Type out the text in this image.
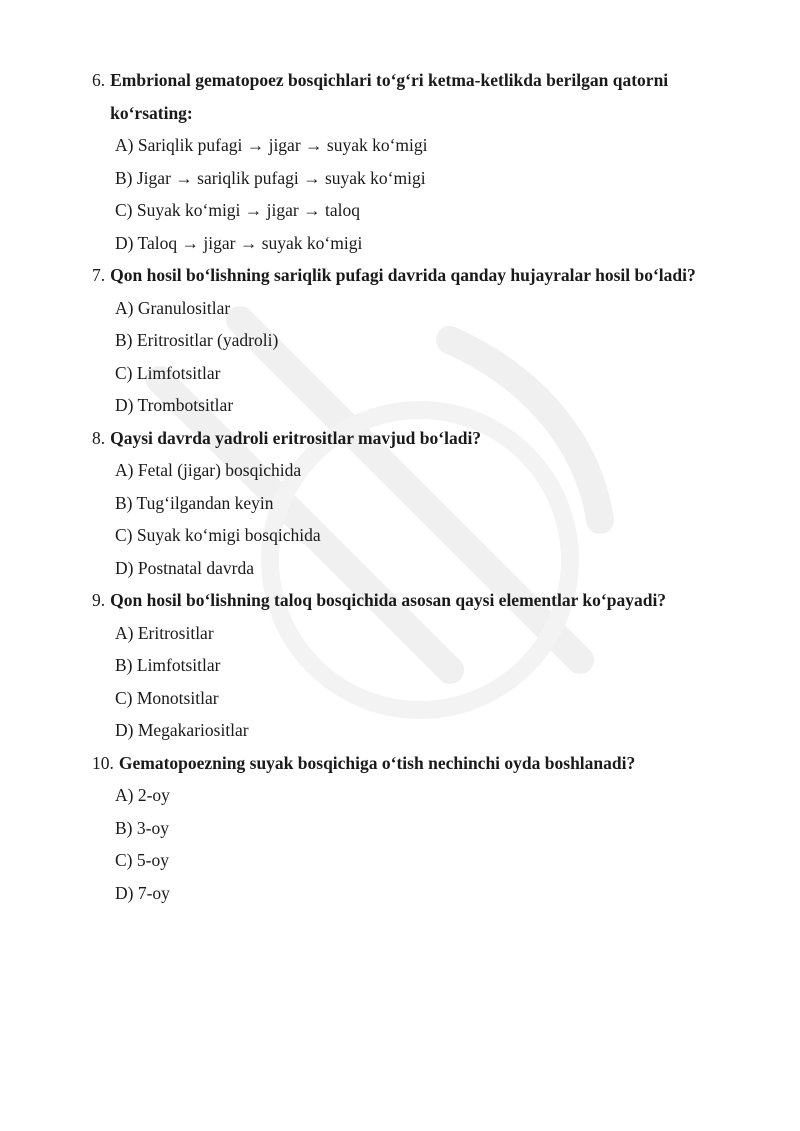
6. Embrional gematopoez bosqichlari to‘g‘ri ketma-ketlikda berilgan qatorni ko‘rsating:
A) Sariqlik pufagi → jigar → suyak ko‘migi
B) Jigar → sariqlik pufagi → suyak ko‘migi
C) Suyak ko‘migi → jigar → taloq
D) Taloq → jigar → suyak ko‘migi
7. Qon hosil bo‘lishning sariqlik pufagi davrida qanday hujayralar hosil bo‘ladi?
A) Granulositlar
B) Eritrositlar (yadroli)
C) Limfotsitlar
D) Trombotsitlar
8. Qaysi davrda yadroli eritrositlar mavjud bo‘ladi?
A) Fetal (jigar) bosqichida
B) Tug‘ilgandan keyin
C) Suyak ko‘migi bosqichida
D) Postnatal davrda
9. Qon hosil bo‘lishning taloq bosqichida asosan qaysi elementlar ko‘payadi?
A) Eritrositlar
B) Limfotsitlar
C) Monotsitlar
D) Megakariositlar
10. Gematopoezning suyak bosqichiga o‘tish nechinchi oyda boshlanadi?
A) 2-oy
B) 3-oy
C) 5-oy
D) 7-oy
